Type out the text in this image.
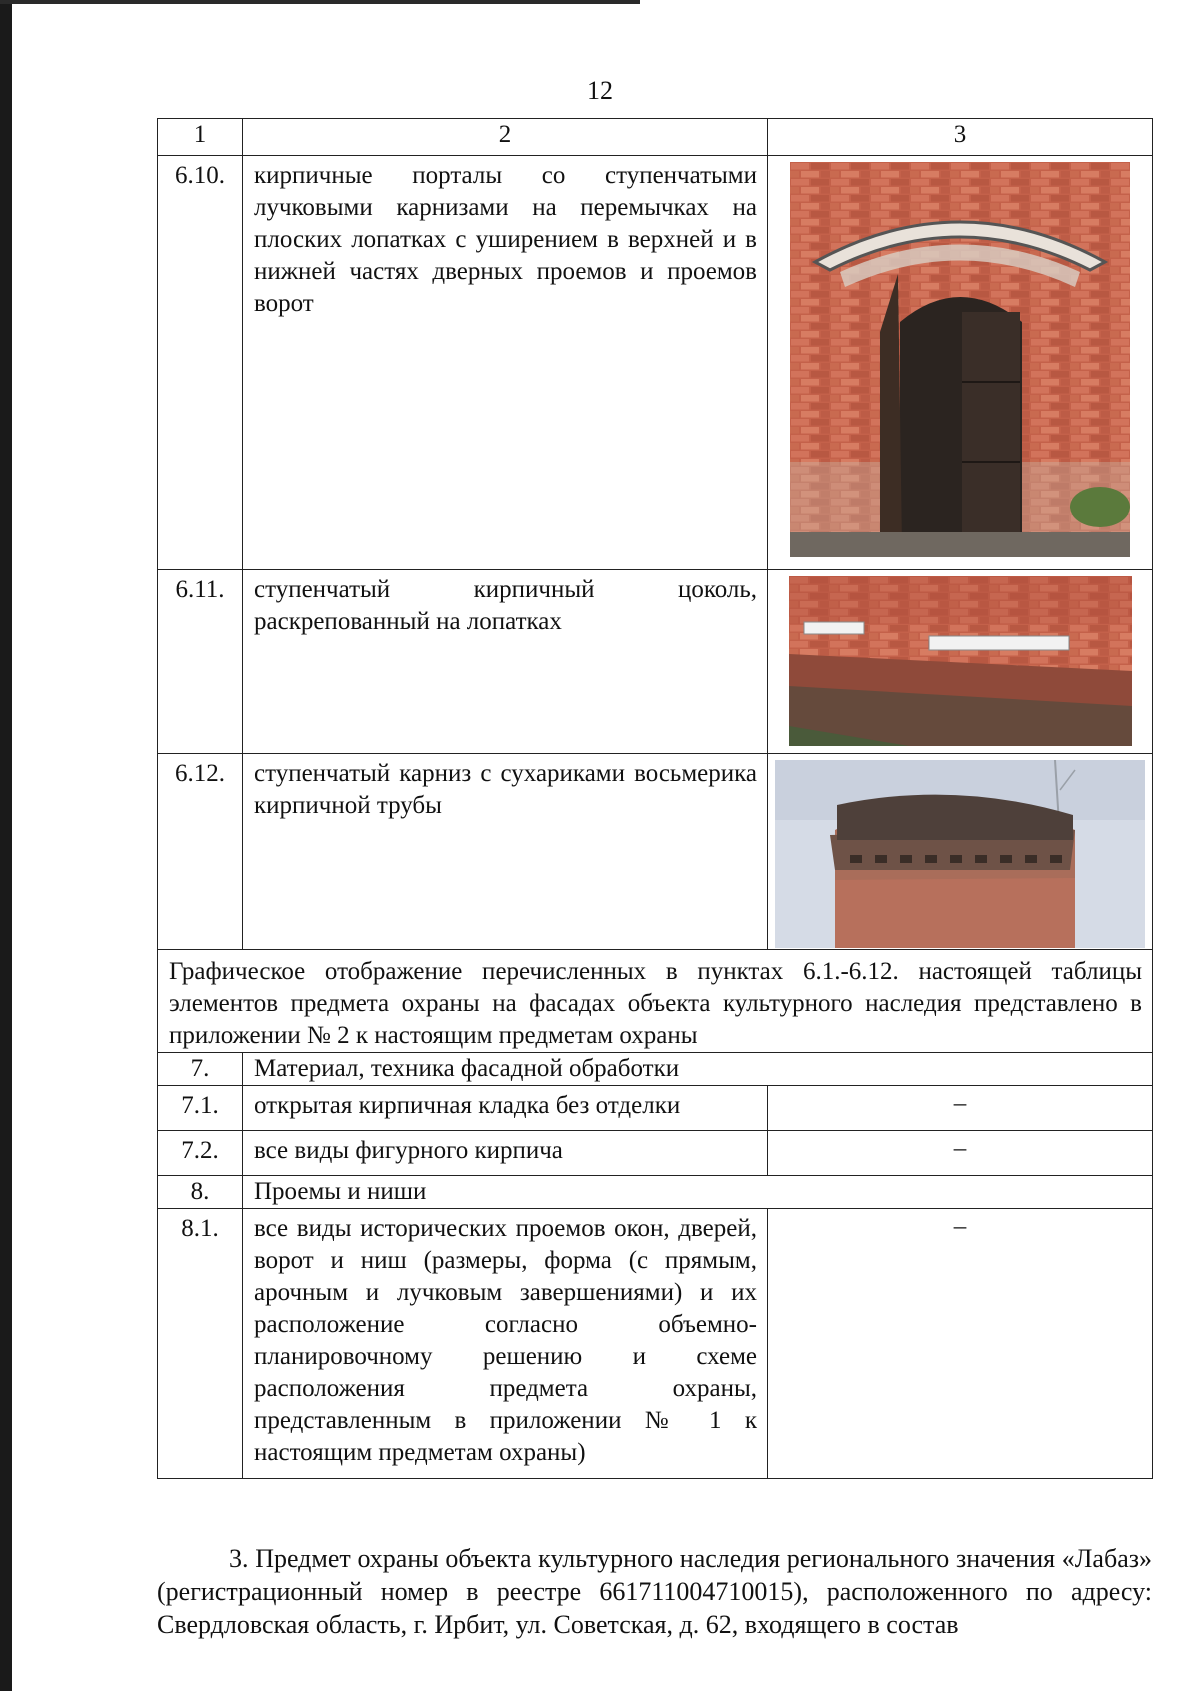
12
1	2	3
6.10.	кирпичные порталы со ступенчатыми лучковыми карнизами на перемычках на плоских лопатках с уширением в верхней и в нижней частях дверных проемов и проемов ворот	

6.11.	ступенчатый кирпичный цоколь, раскрепованный на лопатках	

6.12.	ступенчатый карниз с сухариками восьмерика кирпичной трубы	

Графическое отображение перечисленных в пунктах 6.1.-6.12. настоящей таблицы элементов предмета охраны на фасадах объекта культурного наследия представлено в приложении № 2 к настоящим предметам охраны		
7.	Материал, техника фасадной обработки	
7.1.	открытая кирпичная кладка без отделки	–
7.2.	все виды фигурного кирпича	–
8.	Проемы и ниши	
8.1.	все виды исторических проемов окон, дверей, ворот и ниш (размеры, форма (с прямым, арочным и лучковым завершениями) и их расположение согласно объемно-планировочному решению и схеме расположения предмета охраны, представленным в приложении № 1 к настоящим предметам охраны)	–

3. Предмет охраны объекта культурного наследия регионального значения «Лабаз» (регистрационный номер в реестре 661711004710015), расположенного по адресу: Свердловская область, г. Ирбит, ул. Советская, д. 62, входящего в состав
